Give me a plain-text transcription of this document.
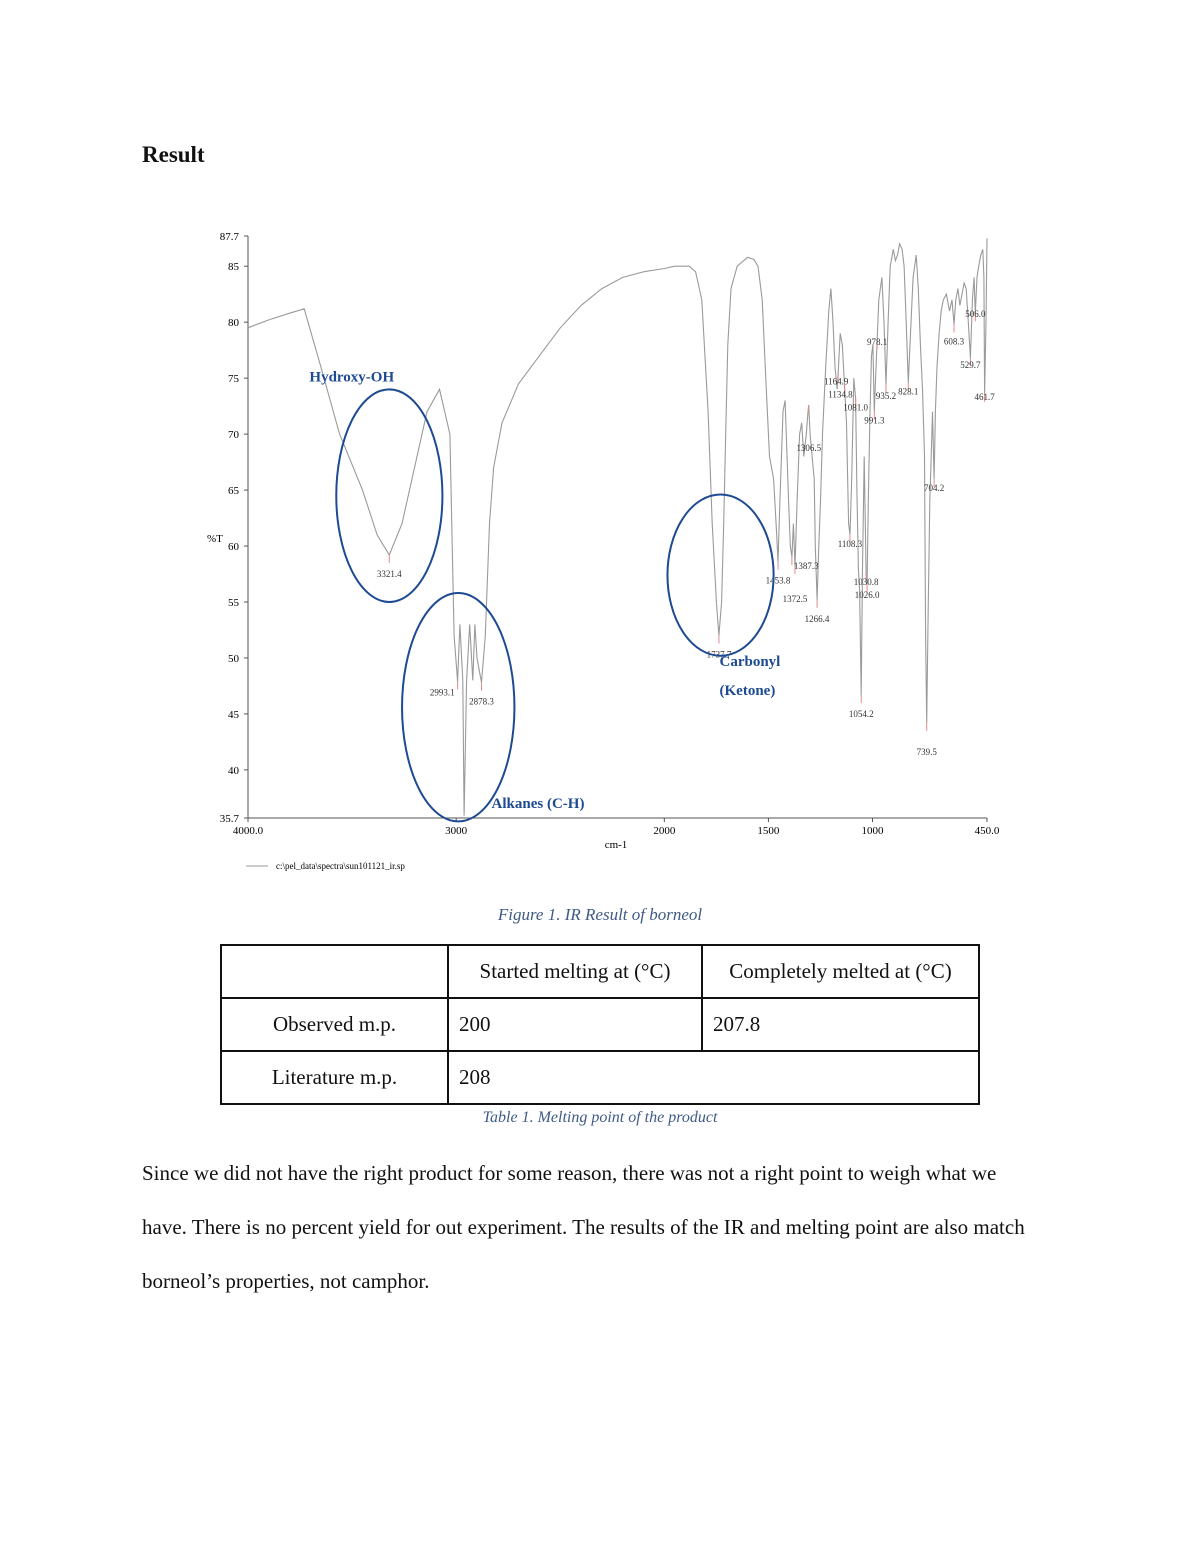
Result
87.7
85
80
75
70
65
60
55
50
45
40
35.7
4000.0	3000	2000	1500	1000	450.0
3321.4
2993.1
2878.3
1737.7
1453.8
1387.3
1372.5
1306.5
1266.4
1164.9
1134.8
1108.3
1081.0
1054.2
1030.8
1026.0
991.3
978.1
935.2 828.1
739.5
704.2
608.3
529.7
506.0
461.7
Hydroxy-OH
Alkanes (C-H)
Carbonyl
(Ketone)
%T
cm-1
c:\pel_data\spectra\sun101121_ir.sp
Figure 1. IR Result of borneol
	Started melting at (°C)	Completely melted at (°C)
Observed m.p.	200	207.8
Literature m.p.	208	
Table 1. Melting point of the product
Since we did not have the right product for some reason, there was not a right point to weigh what we have. There is no percent yield for out experiment. The results of the IR and melting point are also match borneol’s properties, not camphor.
